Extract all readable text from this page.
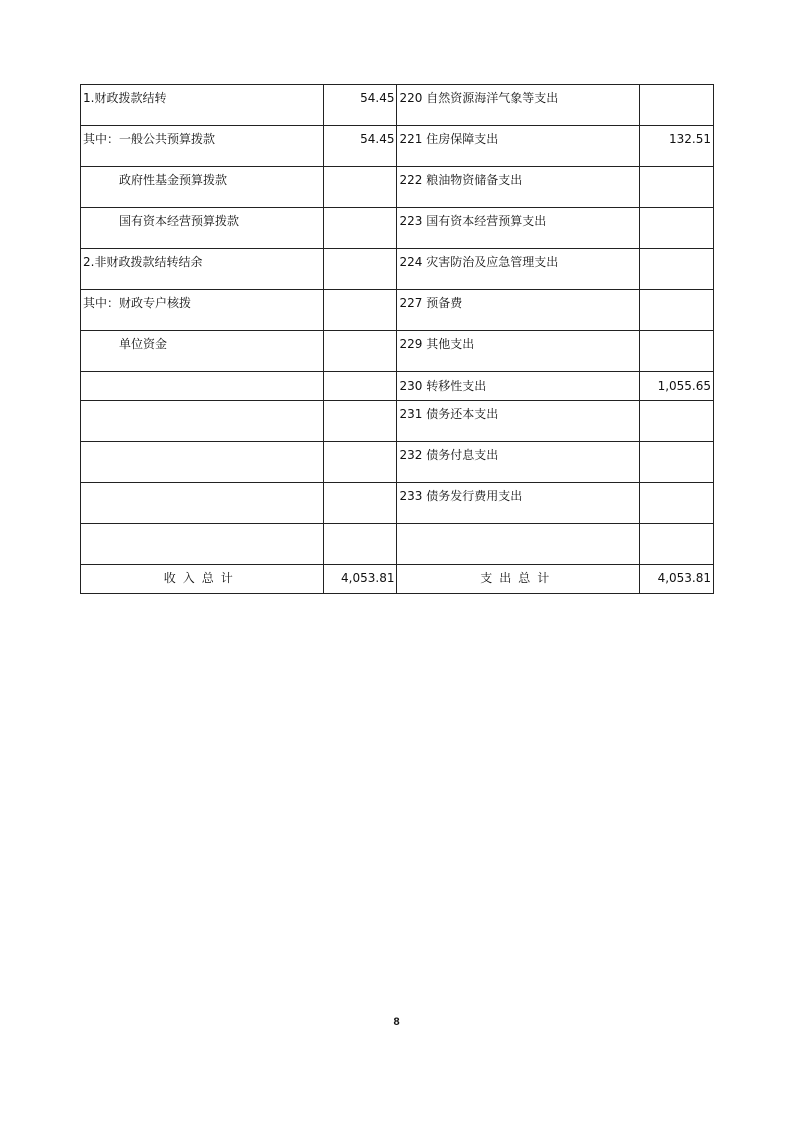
1.财政拨款结转	54.45	220 自然资源海洋气象等支出	
其中：一般公共预算拨款	54.45	221 住房保障支出	132.51
政府性基金预算拨款		222 粮油物资储备支出	
国有资本经营预算拨款		223 国有资本经营预算支出	
2.非财政拨款结转结余		224 灾害防治及应急管理支出	
其中：财政专户核拨		227 预备费	
单位资金		229 其他支出	
		230 转移性支出	1,055.65
		231 债务还本支出	
		232 债务付息支出	
		233 债务发行费用支出	

收入总计	4,053.81	支出总计	4,053.81
8
